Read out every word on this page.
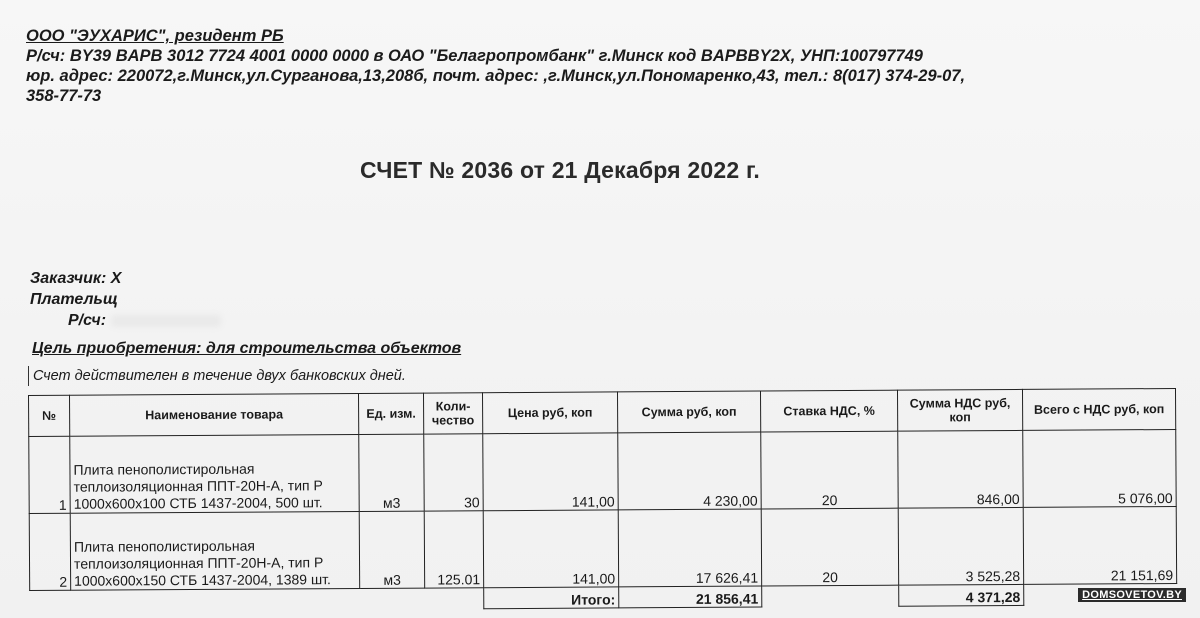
ООО "ЭУХАРИС", резидент РБ
Р/сч: BY39 BAPB 3012 7724 4001 0000 0000 в ОАО "Белагропромбанк" г.Минск код BAPBBY2X, УНП:100797749
юр. адрес: 220072,г.Минск,ул.Сурганова,13,208б, почт. адрес: ,г.Минск,ул.Пономаренко,43, тел.: 8(017) 374-29-07,
358-77-73
СЧЕТ № 2036 от 21 Декабря 2022 г.
Заказчик: Х
Плательщ
Р/сч:
Цель приобретения: для строительства объектов
Счет действителен в течение двух банковских дней.
№	Наименование товара	Ед. изм.	Коли- чество	Цена руб, коп	Сумма руб, коп	Ставка НДС, %	Сумма НДС руб, коп	Всего с НДС руб, коп
1	Плита пенополистирольная теплоизоляционная ППТ-20Н-А, тип Р 1000х600х100 СТБ 1437-2004, 500 шт.	м3	30	141,00	4 230,00	20	846,00	5 076,00
2	Плита пенополистирольная теплоизоляционная ППТ-20Н-А, тип Р 1000х600х150 СТБ 1437-2004, 1389 шт.	м3	125.01	141,00	17 626,41	20	3 525,28	21 151,69
				Итого:	21 856,41		4 371,28		DOMSOVETOV.BY
